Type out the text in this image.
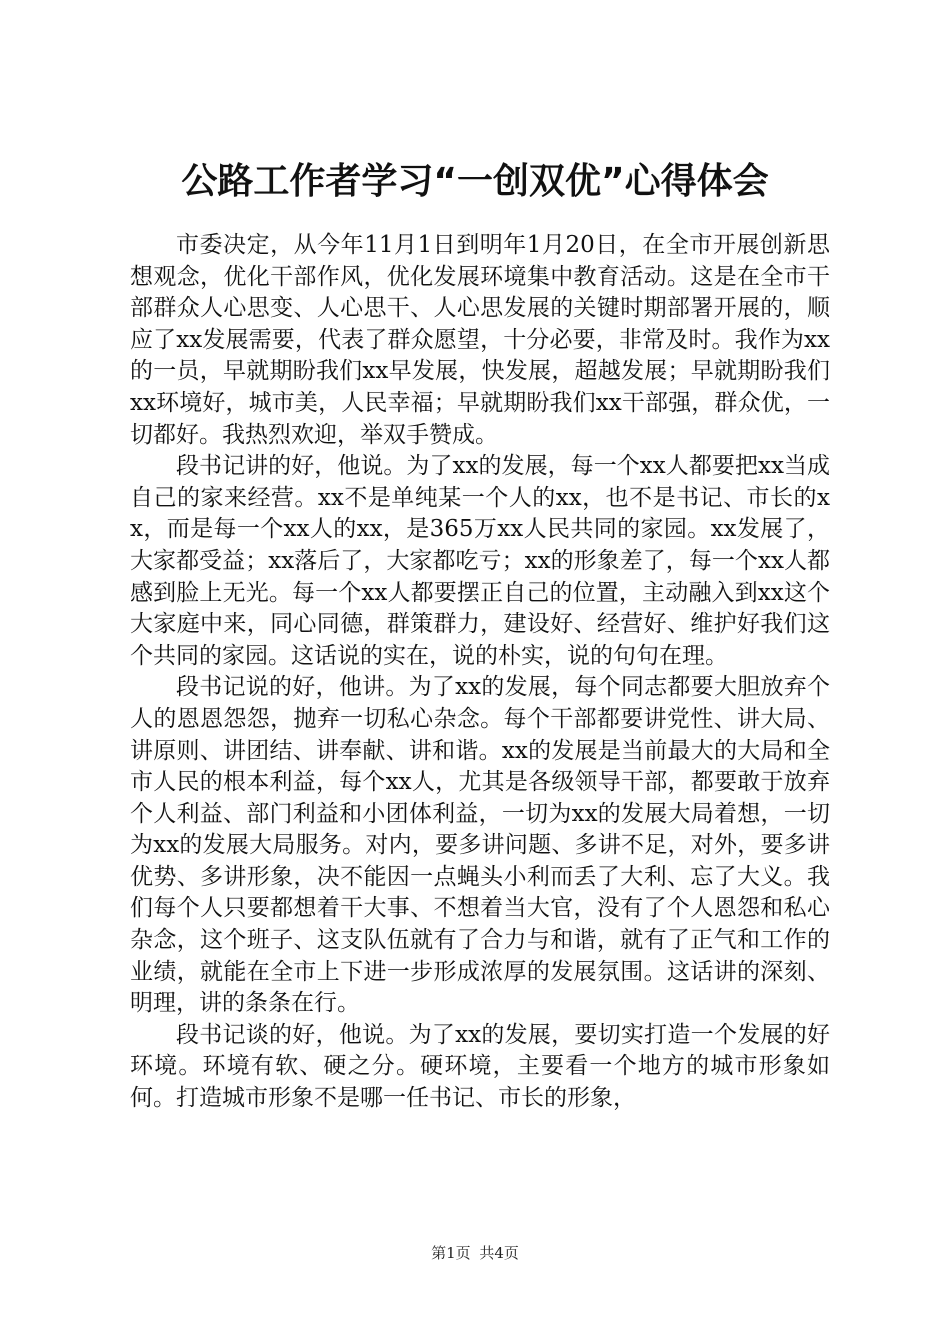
公路工作者学习“一创双优”心得体会

市委决定，从今年11月1日到明年1月20日，在全市开展创新思想观念，优化干部作风，优化发展环境集中教育活动。这是在全市干部群众人心思变、人心思干、人心思发展的关键时期部署开展的，顺应了xx发展需要，代表了群众愿望，十分必要，非常及时。我作为xx的一员，早就期盼我们xx早发展，快发展，超越发展；早就期盼我们xx环境好，城市美，人民幸福；早就期盼我们xx干部强，群众优，一切都好。我热烈欢迎，举双手赞成。

段书记讲的好，他说。为了xx的发展，每一个xx人都要把xx当成自己的家来经营。xx不是单纯某一个人的xx，也不是书记、市长的xx，而是每一个xx人的xx，是365万xx人民共同的家园。xx发展了，大家都受益；xx落后了，大家都吃亏；xx的形象差了，每一个xx人都感到脸上无光。每一个xx人都要摆正自己的位置，主动融入到xx这个大家庭中来，同心同德，群策群力，建设好、经营好、维护好我们这个共同的家园。这话说的实在，说的朴实，说的句句在理。

段书记说的好，他讲。为了xx的发展，每个同志都要大胆放弃个人的恩恩怨怨，抛弃一切私心杂念。每个干部都要讲党性、讲大局、讲原则、讲团结、讲奉献、讲和谐。xx的发展是当前最大的大局和全市人民的根本利益，每个xx人，尤其是各级领导干部，都要敢于放弃个人利益、部门利益和小团体利益，一切为xx的发展大局着想，一切为xx的发展大局服务。对内，要多讲问题、多讲不足，对外，要多讲优势、多讲形象，决不能因一点蝇头小利而丢了大利、忘了大义。我们每个人只要都想着干大事、不想着当大官，没有了个人恩怨和私心杂念，这个班子、这支队伍就有了合力与和谐，就有了正气和工作的业绩，就能在全市上下进一步形成浓厚的发展氛围。这话讲的深刻、明理，讲的条条在行。

段书记谈的好，他说。为了xx的发展，要切实打造一个发展的好环境。环境有软、硬之分。硬环境，主要看一个地方的城市形象如何。打造城市形象不是哪一任书记、市长的形象，

第1页 共4页
